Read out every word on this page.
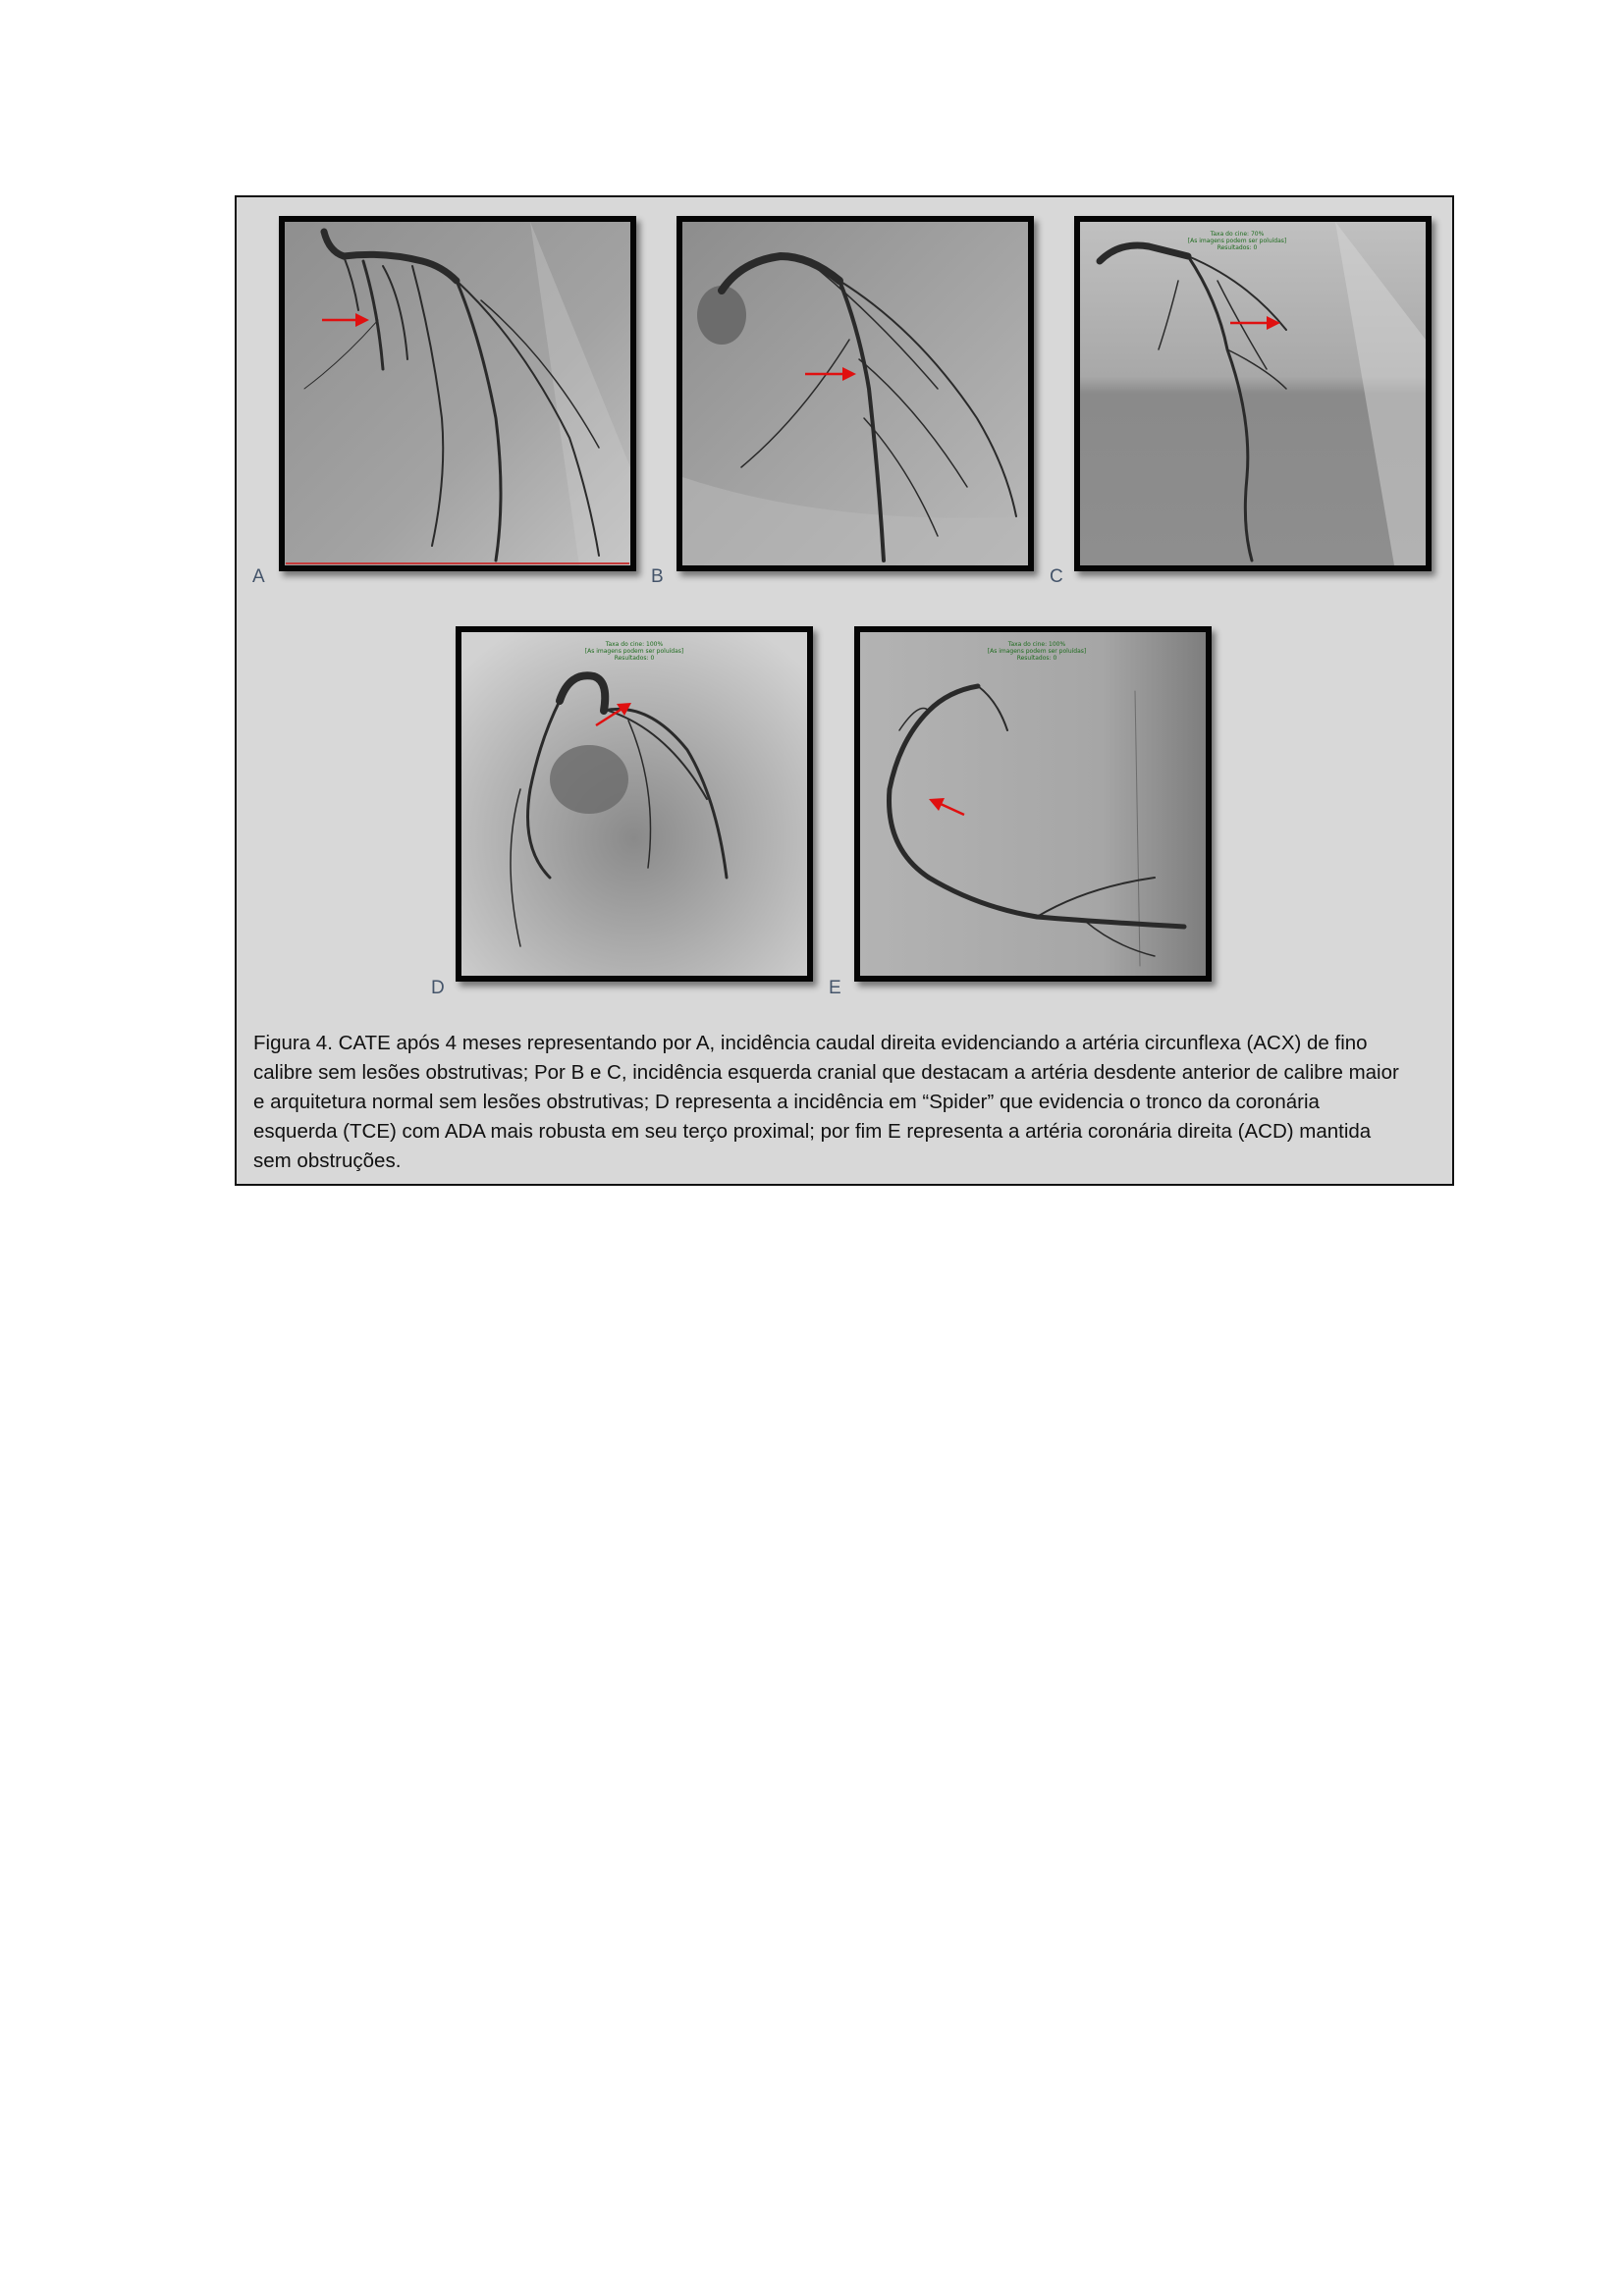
A	B
Taxa do cine: 70%
[As imagens podem ser poluídas]
Resultados: 0
C
Taxa do cine: 100%
[As imagens podem ser poluídas]
Resultados: 0
D
Taxa do cine: 100%
[As imagens podem ser poluídas]
Resultados: 0
E

Figura 4. CATE após 4 meses representando por A, incidência caudal direita evidenciando a artéria circunflexa (ACX) de fino

calibre sem lesões obstrutivas; Por B e C, incidência esquerda cranial que destacam a artéria desdente anterior de calibre maior

e arquitetura normal sem lesões obstrutivas; D representa a incidência em “Spider” que evidencia o tronco da coronária

esquerda (TCE) com ADA mais robusta em seu terço proximal; por fim E representa a artéria coronária direita (ACD) mantida

sem obstruções.
